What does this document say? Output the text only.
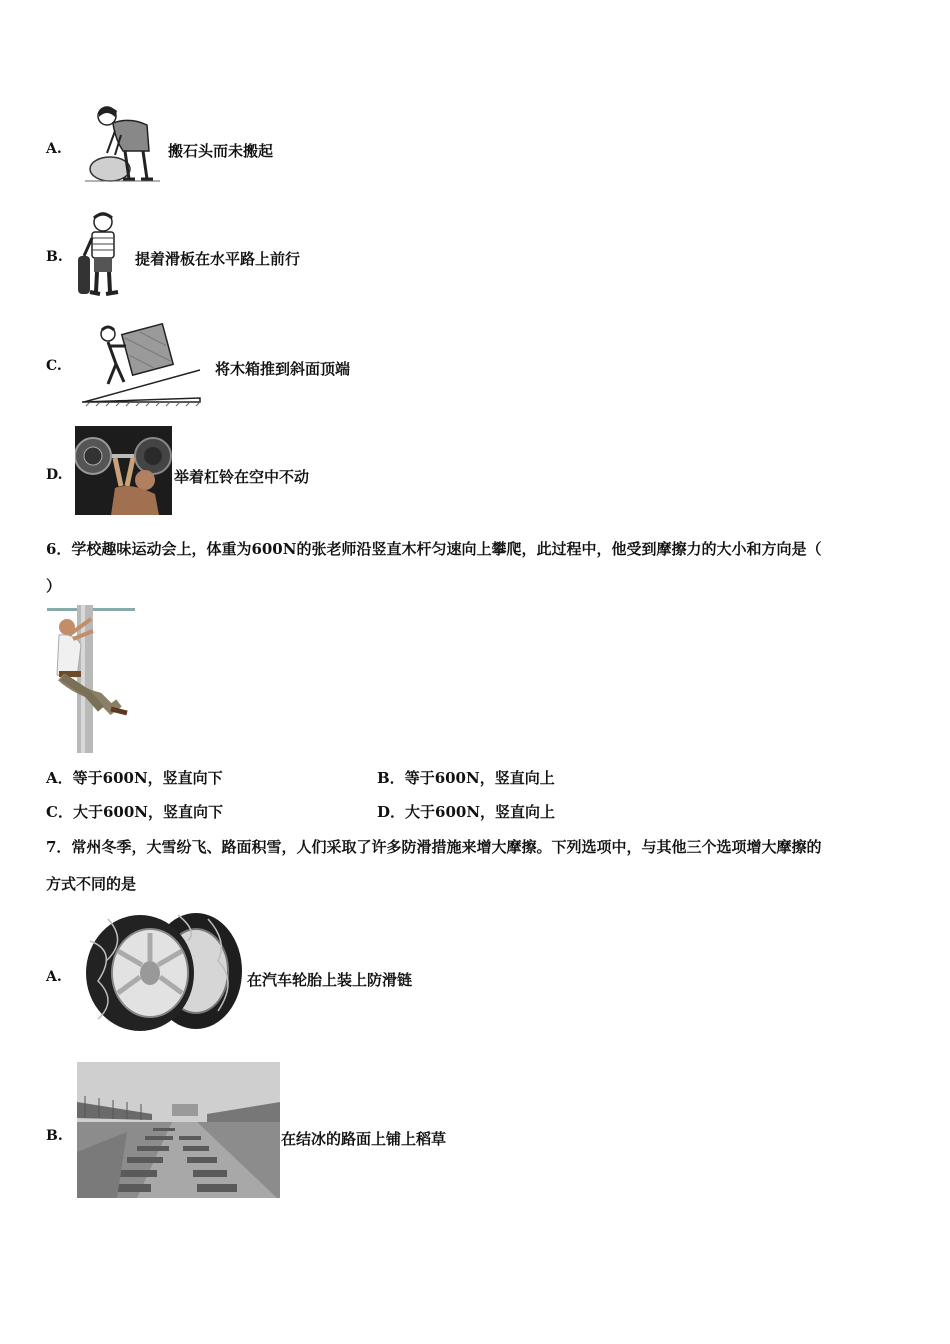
A.	搬石头而未搬起
B.	提着滑板在水平路上前行
C.	将木箱推到斜面顶端
D.	举着杠铃在空中不动
6．学校趣味运动会上，体重为600N的张老师沿竖直木杆匀速向上攀爬，此过程中，他受到摩擦力的大小和方向是（
）
A．等于600N，竖直向下	B．等于600N，竖直向上
C．大于600N，竖直向下	D．大于600N，竖直向上
7．常州冬季，大雪纷飞、路面积雪，人们采取了许多防滑措施来增大摩擦。下列选项中，与其他三个选项增大摩擦的
方式不同的是
A.	在汽车轮胎上装上防滑链
B.	在结冰的路面上铺上稻草
